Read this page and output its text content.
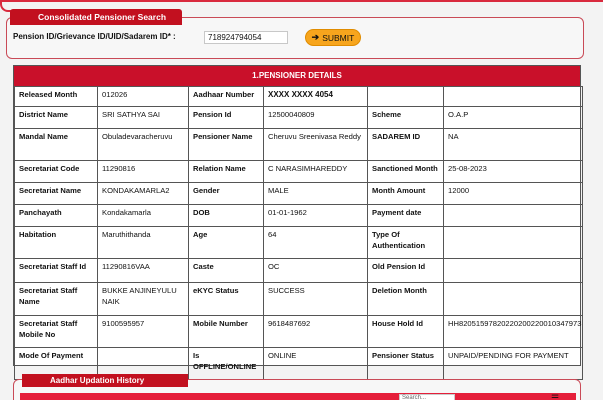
Consolidated Pensioner Search
Pension ID/Grievance ID/UID/Sadarem ID* :
718924794054	➔ SUBMIT
1.PENSIONER DETAILS
Released Month	012026	Aadhaar Number	XXXX XXXX 4054		
District Name	SRI SATHYA SAI	Pension Id	12500040809	Scheme	O.A.P
Mandal Name	Obuladevaracheruvu	Pensioner Name	Cheruvu Sreenivasa Reddy	SADAREM ID	NA
Secretariat Code	11290816	Relation Name	C NARASIMHAREDDY	Sanctioned Month	25-08-2023
Secretariat Name	KONDAKAMARLA2	Gender	MALE	Month Amount	12000
Panchayath	Kondakamarla	DOB	01-01-1962	Payment date	
Habitation	Maruthithanda	Age	64	Type Of Authentication	
Secretariat Staff Id	11290816VAA	Caste	OC	Old Pension Id	
Secretariat Staff Name	BUKKE ANJINEYULU NAIK	eKYC Status	SUCCESS	Deletion Month	
Secretariat Staff Mobile No	9100595957	Mobile Number	9618487692	House Hold Id	HH82051597820220200220010347973
Mode Of Payment		Is OFFLINE/ONLINE	ONLINE	Pensioner Status	UNPAID/PENDING FOR PAYMENT
Aadhar Updation History
Search...	☰
